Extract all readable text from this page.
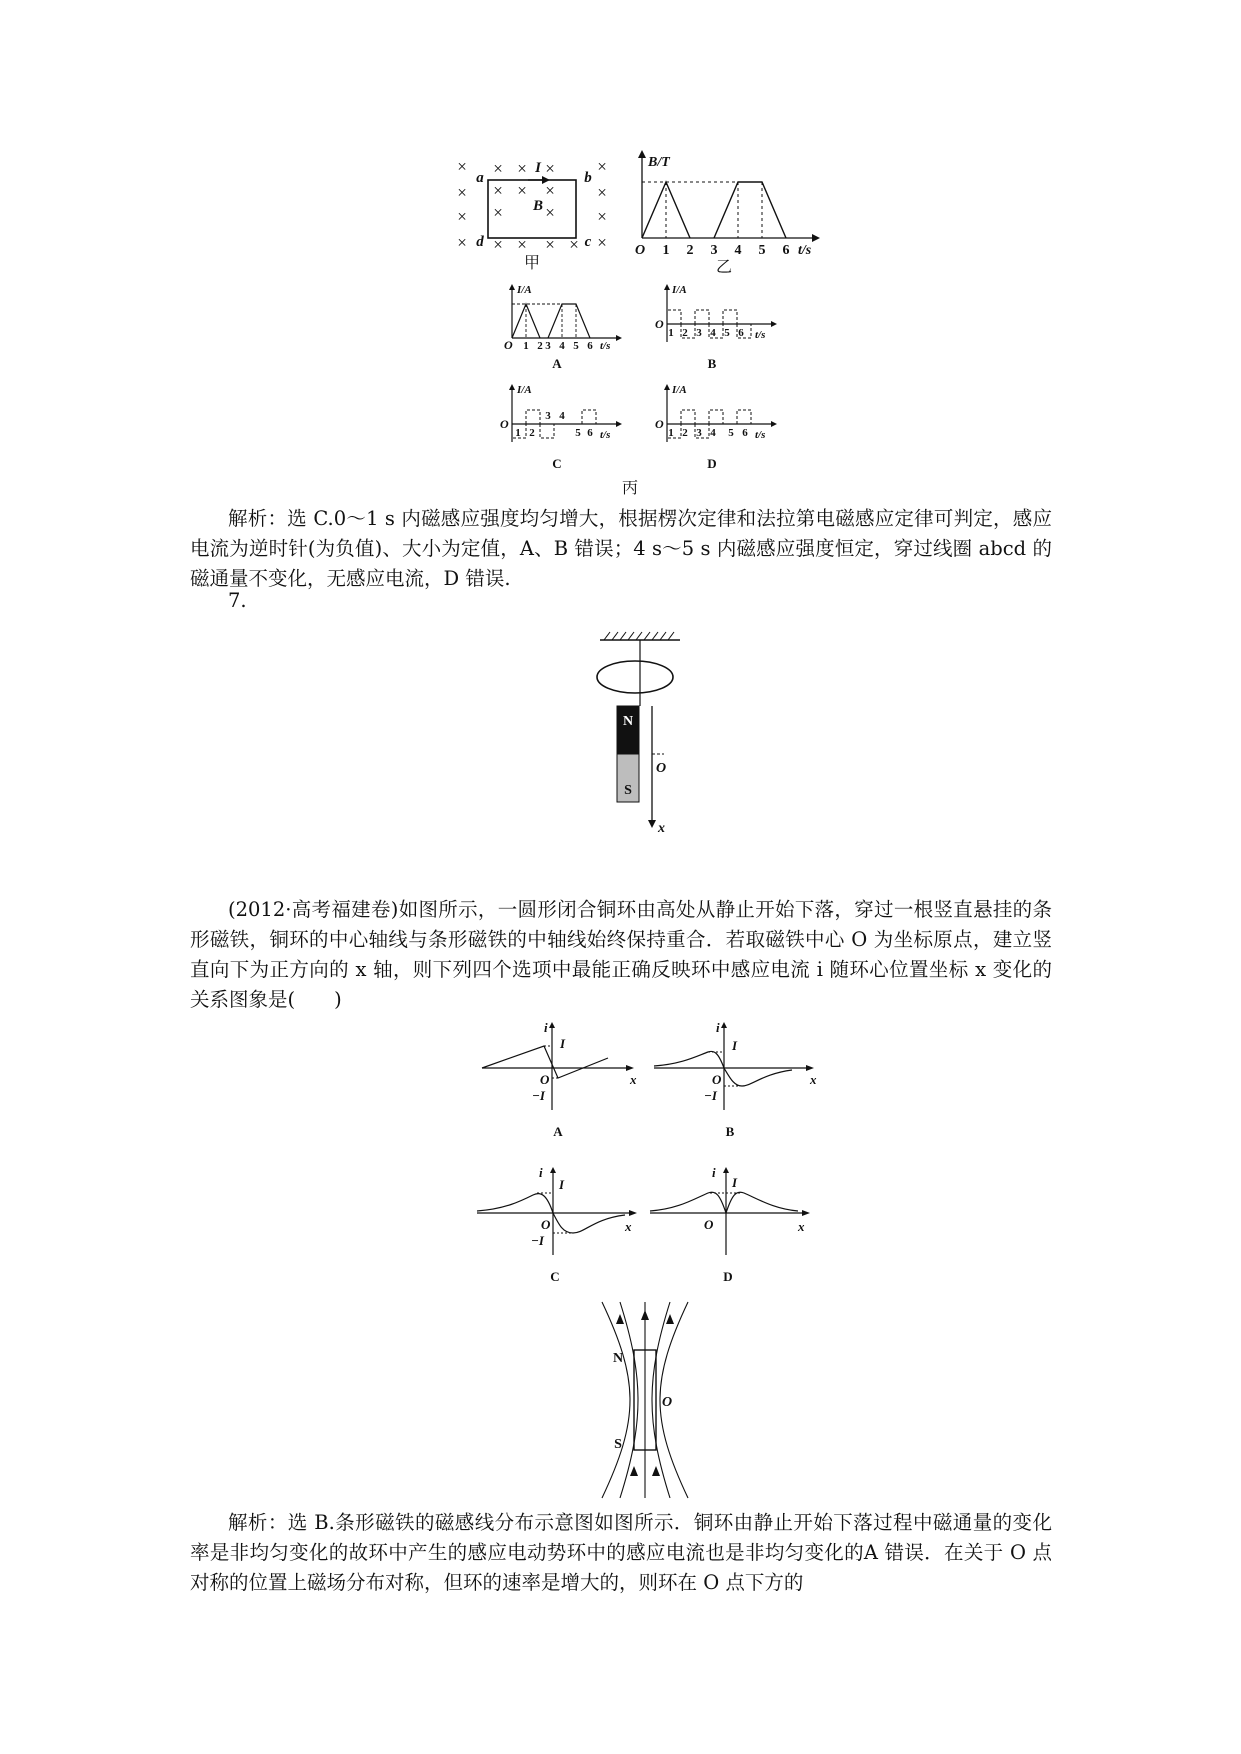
×
×
×
×
×
×
×
×
× × ×
× × ×
× ×
× × × ×
a	b
c
d
I
B
甲
B/T
O 1 2 3 4 5 6 t/s
乙
I/A
O 1 2 3 4 5 6 t/s
A
I/A
O
1 2 3 4 5 6 t/s
B
I/A
O
1 2
3 4
5 6 t/s
C
I/A
O
1 2 3 4 5 6 t/s
D
丙

解析：选 C.0～1 s 内磁感应强度均匀增大，根据楞次定律和法拉第电磁感应定律可判定，感应电流为逆时针(为负值)、大小为定值，A、B 错误；4 s～5 s 内磁感应强度恒定，穿过线圈 abcd 的磁通量不变化，无感应电流，D 错误.

7.

N
S
O
x

(2012·高考福建卷)如图所示，一圆形闭合铜环由高处从静止开始下落，穿过一根竖直悬挂的条形磁铁，铜环的中心轴线与条形磁铁的中轴线始终保持重合．若取磁铁中心 O 为坐标原点，建立竖直向下为正方向的 x 轴，则下列四个选项中最能正确反映环中感应电流 i 随环心位置坐标 x 变化的关系图象是(　　)

i
I
O
−I
x
A
i
I
O
−I
x
B
i
I
O
−I
x
C
i
I
O	x
D
N
S
O

解析：选 B.条形磁铁的磁感线分布示意图如图所示．铜环由静止开始下落过程中磁通量的变化率是非均匀变化的故环中产生的感应电动势环中的感应电流也是非均匀变化的A 错误．在关于 O 点对称的位置上磁场分布对称，但环的速率是增大的，则环在 O 点下方的
